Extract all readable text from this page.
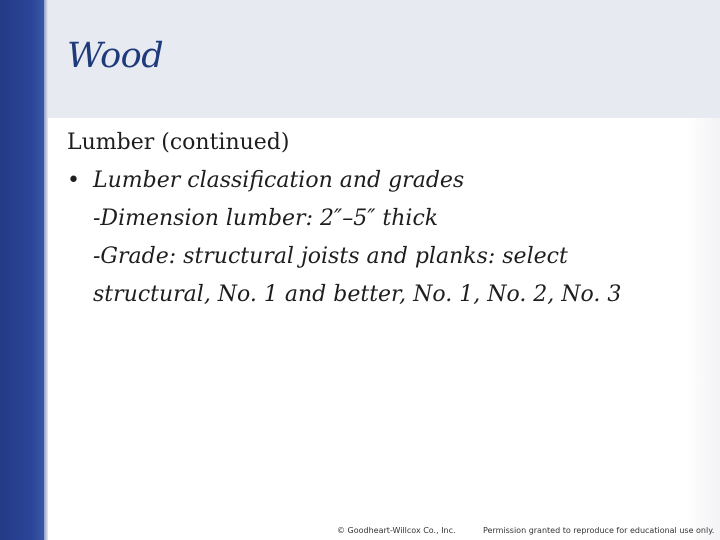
Wood

Lumber (continued)

• Lumber classification and grades

-Dimension lumber: 2″–5″ thick

-Grade: structural joists and planks: select structural, No. 1 and better, No. 1, No. 2, No. 3

© Goodheart-Willcox Co., Inc.	Permission granted to reproduce for educational use only.
